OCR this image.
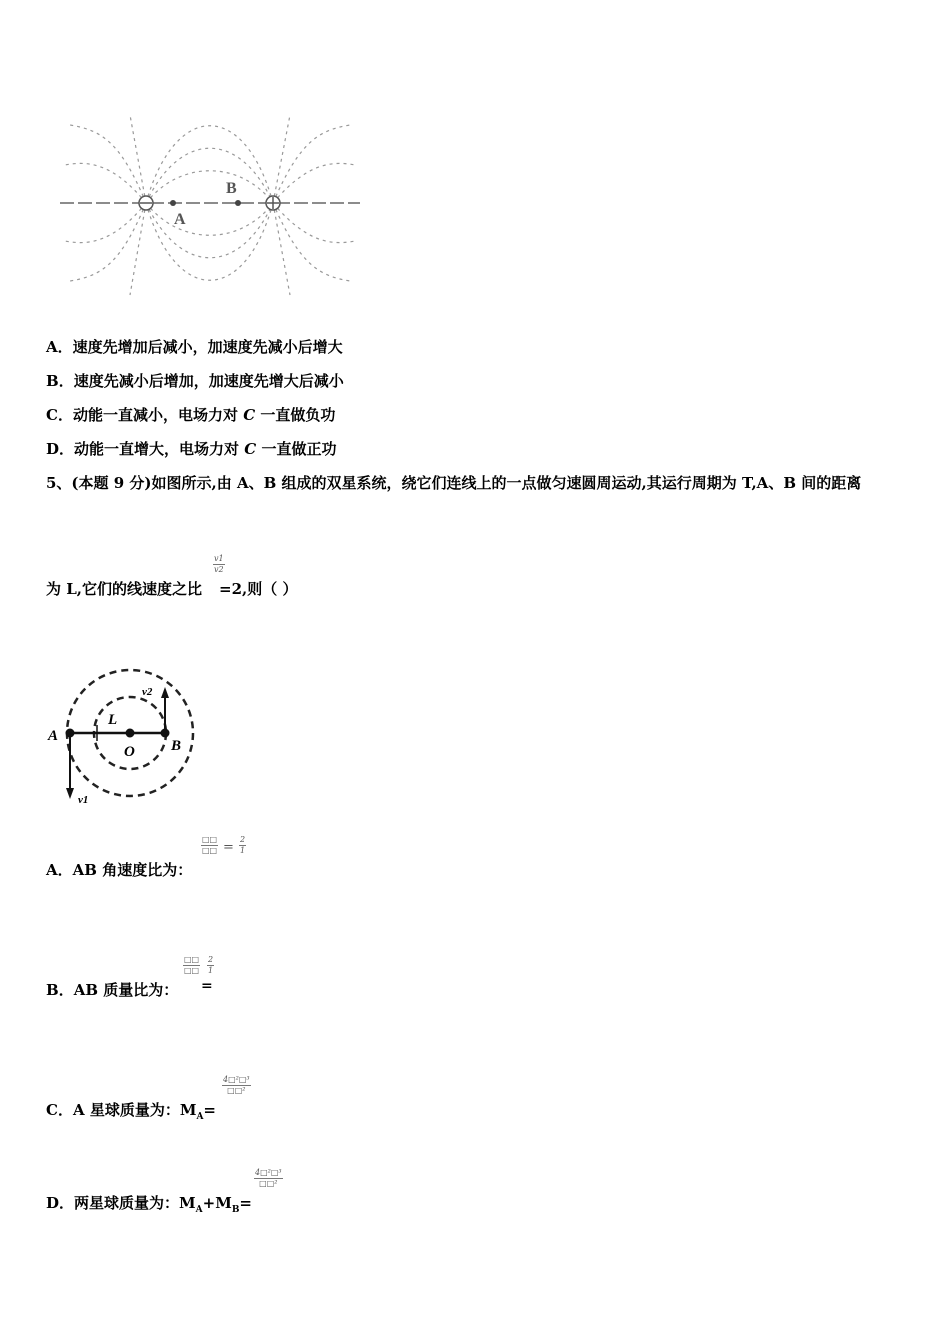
A
B
A．速度先增加后减小，加速度先减小后增大
B．速度先减小后增加，加速度先增大后减小
C．动能一直减小，电场力对 C 一直做负功
D．动能一直增大，电场力对 C 一直做正功
5、(本题 9 分)如图所示,由 A、B 组成的双星系统，绕它们连线上的一点做匀速圆周运动,其运行周期为 T,A、B 间的距离
为 L,它们的线速度之比 =2,则（ ）
$\frac{v1}{v2}$
A
B
O
L
v2
v1
A．AB 角速度比为：
□□
□□ = $\frac{2}{1}$
B．AB 质量比为：
□□
□□
=
$\frac{2}{1}$
C．A 星球质量为：$M_A=$
4□²□³
□□²
D．两星球质量为：$M_A+M_B=$
4□²□³
□□²
